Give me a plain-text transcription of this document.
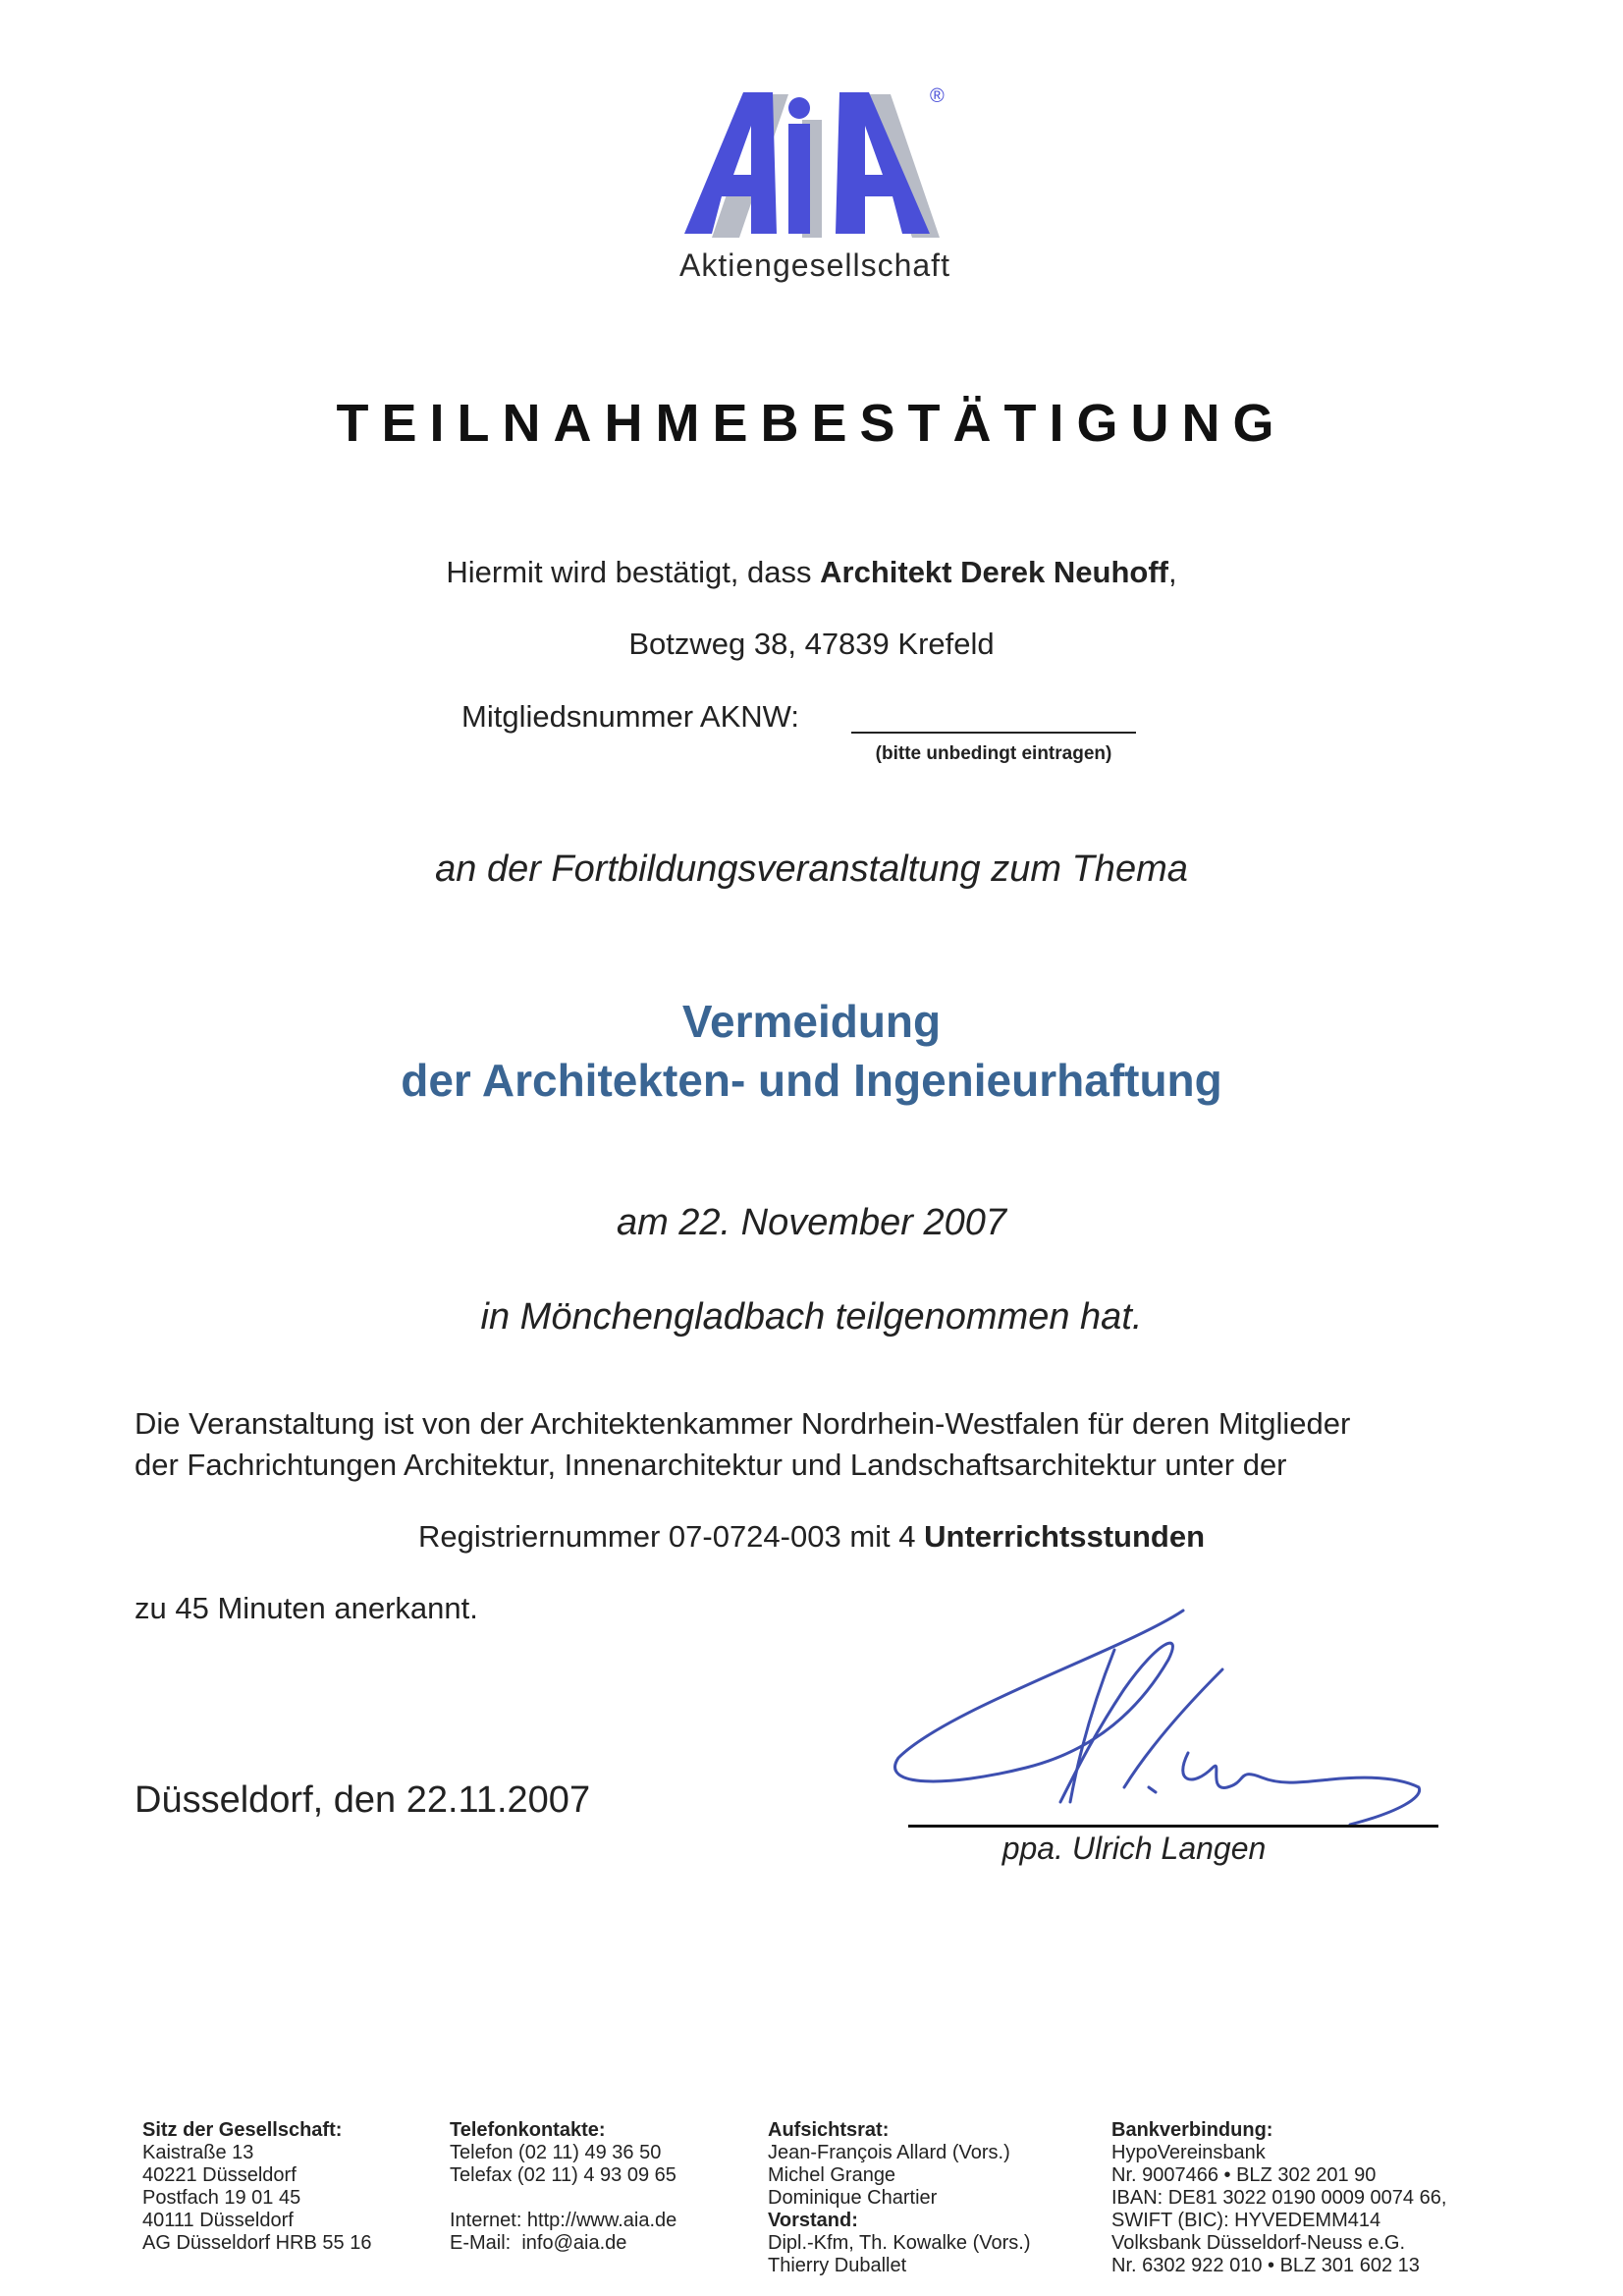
®
Aktiengesellschaft
TEILNAHMEBESTÄTIGUNG
Hiermit wird bestätigt, dass Architekt Derek Neuhoff,
Botzweg 38, 47839 Krefeld
Mitgliedsnummer AKNW:
(bitte unbedingt eintragen)
an der Fortbildungsveranstaltung zum Thema
Vermeidung
der Architekten- und Ingenieurhaftung
am 22. November 2007
in Mönchengladbach teilgenommen hat.
Die Veranstaltung ist von der Architektenkammer Nordrhein-Westfalen für deren Mitglieder
der Fachrichtungen Architektur, Innenarchitektur und Landschaftsarchitektur unter der
Registriernummer 07-0724-003 mit 4 Unterrichtsstunden
zu 45 Minuten anerkannt.
Düsseldorf, den 22.11.2007
ppa. Ulrich Langen
Sitz der Gesellschaft:
Kaistraße 13
40221 Düsseldorf
Postfach 19 01 45
40111 Düsseldorf
AG Düsseldorf HRB 55 16
Telefonkontakte:
Telefon (02 11) 49 36 50
Telefax (02 11) 4 93 09 65
Internet: http://www.aia.de
E-Mail:  info@aia.de
Aufsichtsrat:
Jean-François Allard (Vors.)
Michel Grange
Dominique Chartier
Vorstand:
Dipl.-Kfm, Th. Kowalke (Vors.)
Thierry Duballet
Bankverbindung:
HypoVereinsbank
Nr. 9007466 • BLZ 302 201 90
IBAN: DE81 3022 0190 0009 0074 66,
SWIFT (BIC): HYVEDEMM414
Volksbank Düsseldorf-Neuss e.G.
Nr. 6302 922 010 • BLZ 301 602 13
